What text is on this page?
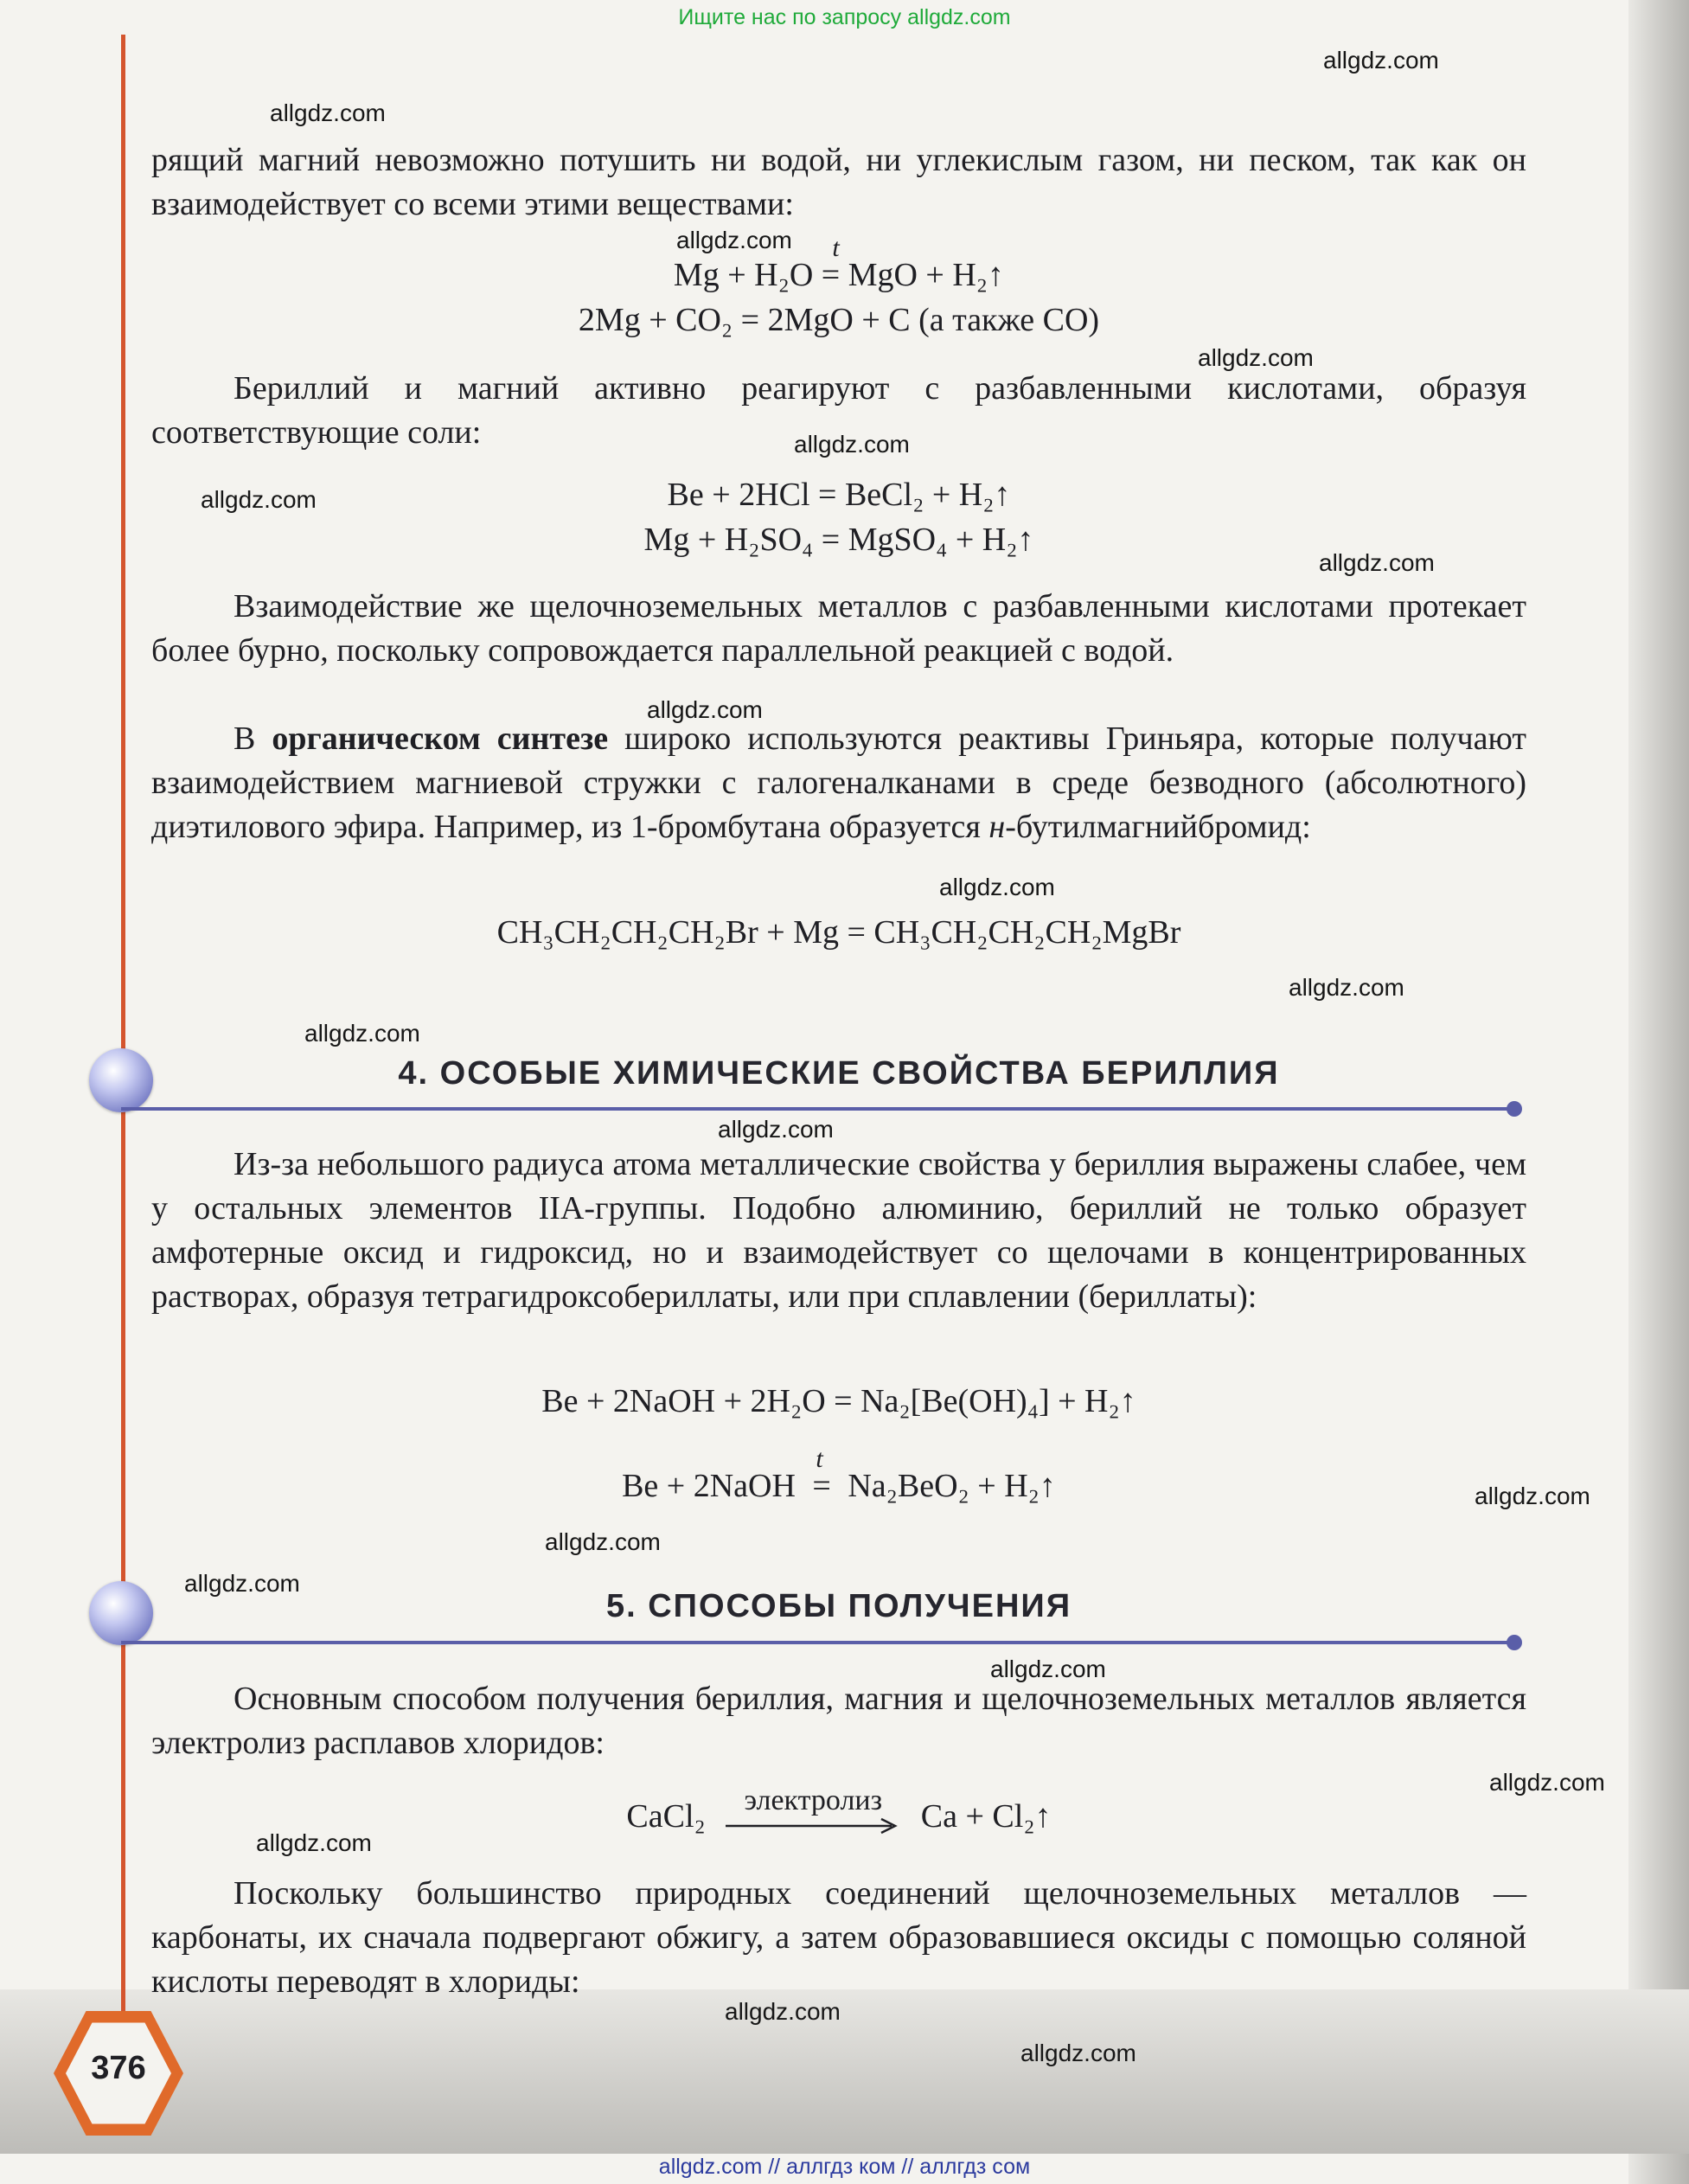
Ищите нас по запросу allgdz.com
allgdz.com
allgdz.com
allgdz.com
allgdz.com
allgdz.com
allgdz.com
allgdz.com
allgdz.com
allgdz.com
allgdz.com
allgdz.com
allgdz.com
allgdz.com
allgdz.com
allgdz.com
allgdz.com
allgdz.com
allgdz.com
allgdz.com
allgdz.com
рящий магний невозможно потушить ни водой, ни углекислым газом, ни песком, так как он взаимодействует со всеми этими веществами:
Mg + H₂O = MgO + H₂↑
t
2Mg + CO₂ = 2MgO + C (а также CO)
Бериллий и магний активно реагируют с разбавленными кислотами, образуя соответствующие соли:
Be + 2HCl = BeCl₂ + H₂↑
Mg + H₂SO₄ = MgSO₄ + H₂↑
Взаимодействие же щелочноземельных металлов с разбавленными кислотами протекает более бурно, поскольку сопровождается параллельной реакцией с водой.
В органическом синтезе широко используются реактивы Гриньяра, которые получают взаимодействием магниевой стружки с галогеналканами в среде безводного (абсолютного) диэтилового эфира. Например, из 1-бромбутана образуется н-бутилмагнийбромид:
CH₃CH₂CH₂CH₂Br + Mg = CH₃CH₂CH₂CH₂MgBr
4. ОСОБЫЕ ХИМИЧЕСКИЕ СВОЙСТВА БЕРИЛЛИЯ
Из-за небольшого радиуса атома металлические свойства у бериллия выражены слабее, чем у остальных элементов IIA-группы. Подобно алюминию, бериллий не только образует амфотерные оксид и гидроксид, но и взаимодействует со щелочами в концентрированных растворах, образуя тетрагидроксобериллаты, или при сплавлении (бериллаты):
Be + 2NaOH + 2H₂O = Na₂[Be(OH)₄] + H₂↑
Be + 2NaOH =
t
Na₂BeO₂ + H₂↑
5. СПОСОБЫ ПОЛУЧЕНИЯ
Основным способом получения бериллия, магния и щелочноземельных металлов является электролиз расплавов хлоридов:
CaCl₂	электролиз	Ca + Cl₂↑
Поскольку большинство природных соединений щелочноземельных металлов — карбонаты, их сначала подвергают обжигу, а затем образовавшиеся оксиды с помощью соляной кислоты переводят в хлориды:
376
allgdz.com // аллгдз ком // аллгдз сом
